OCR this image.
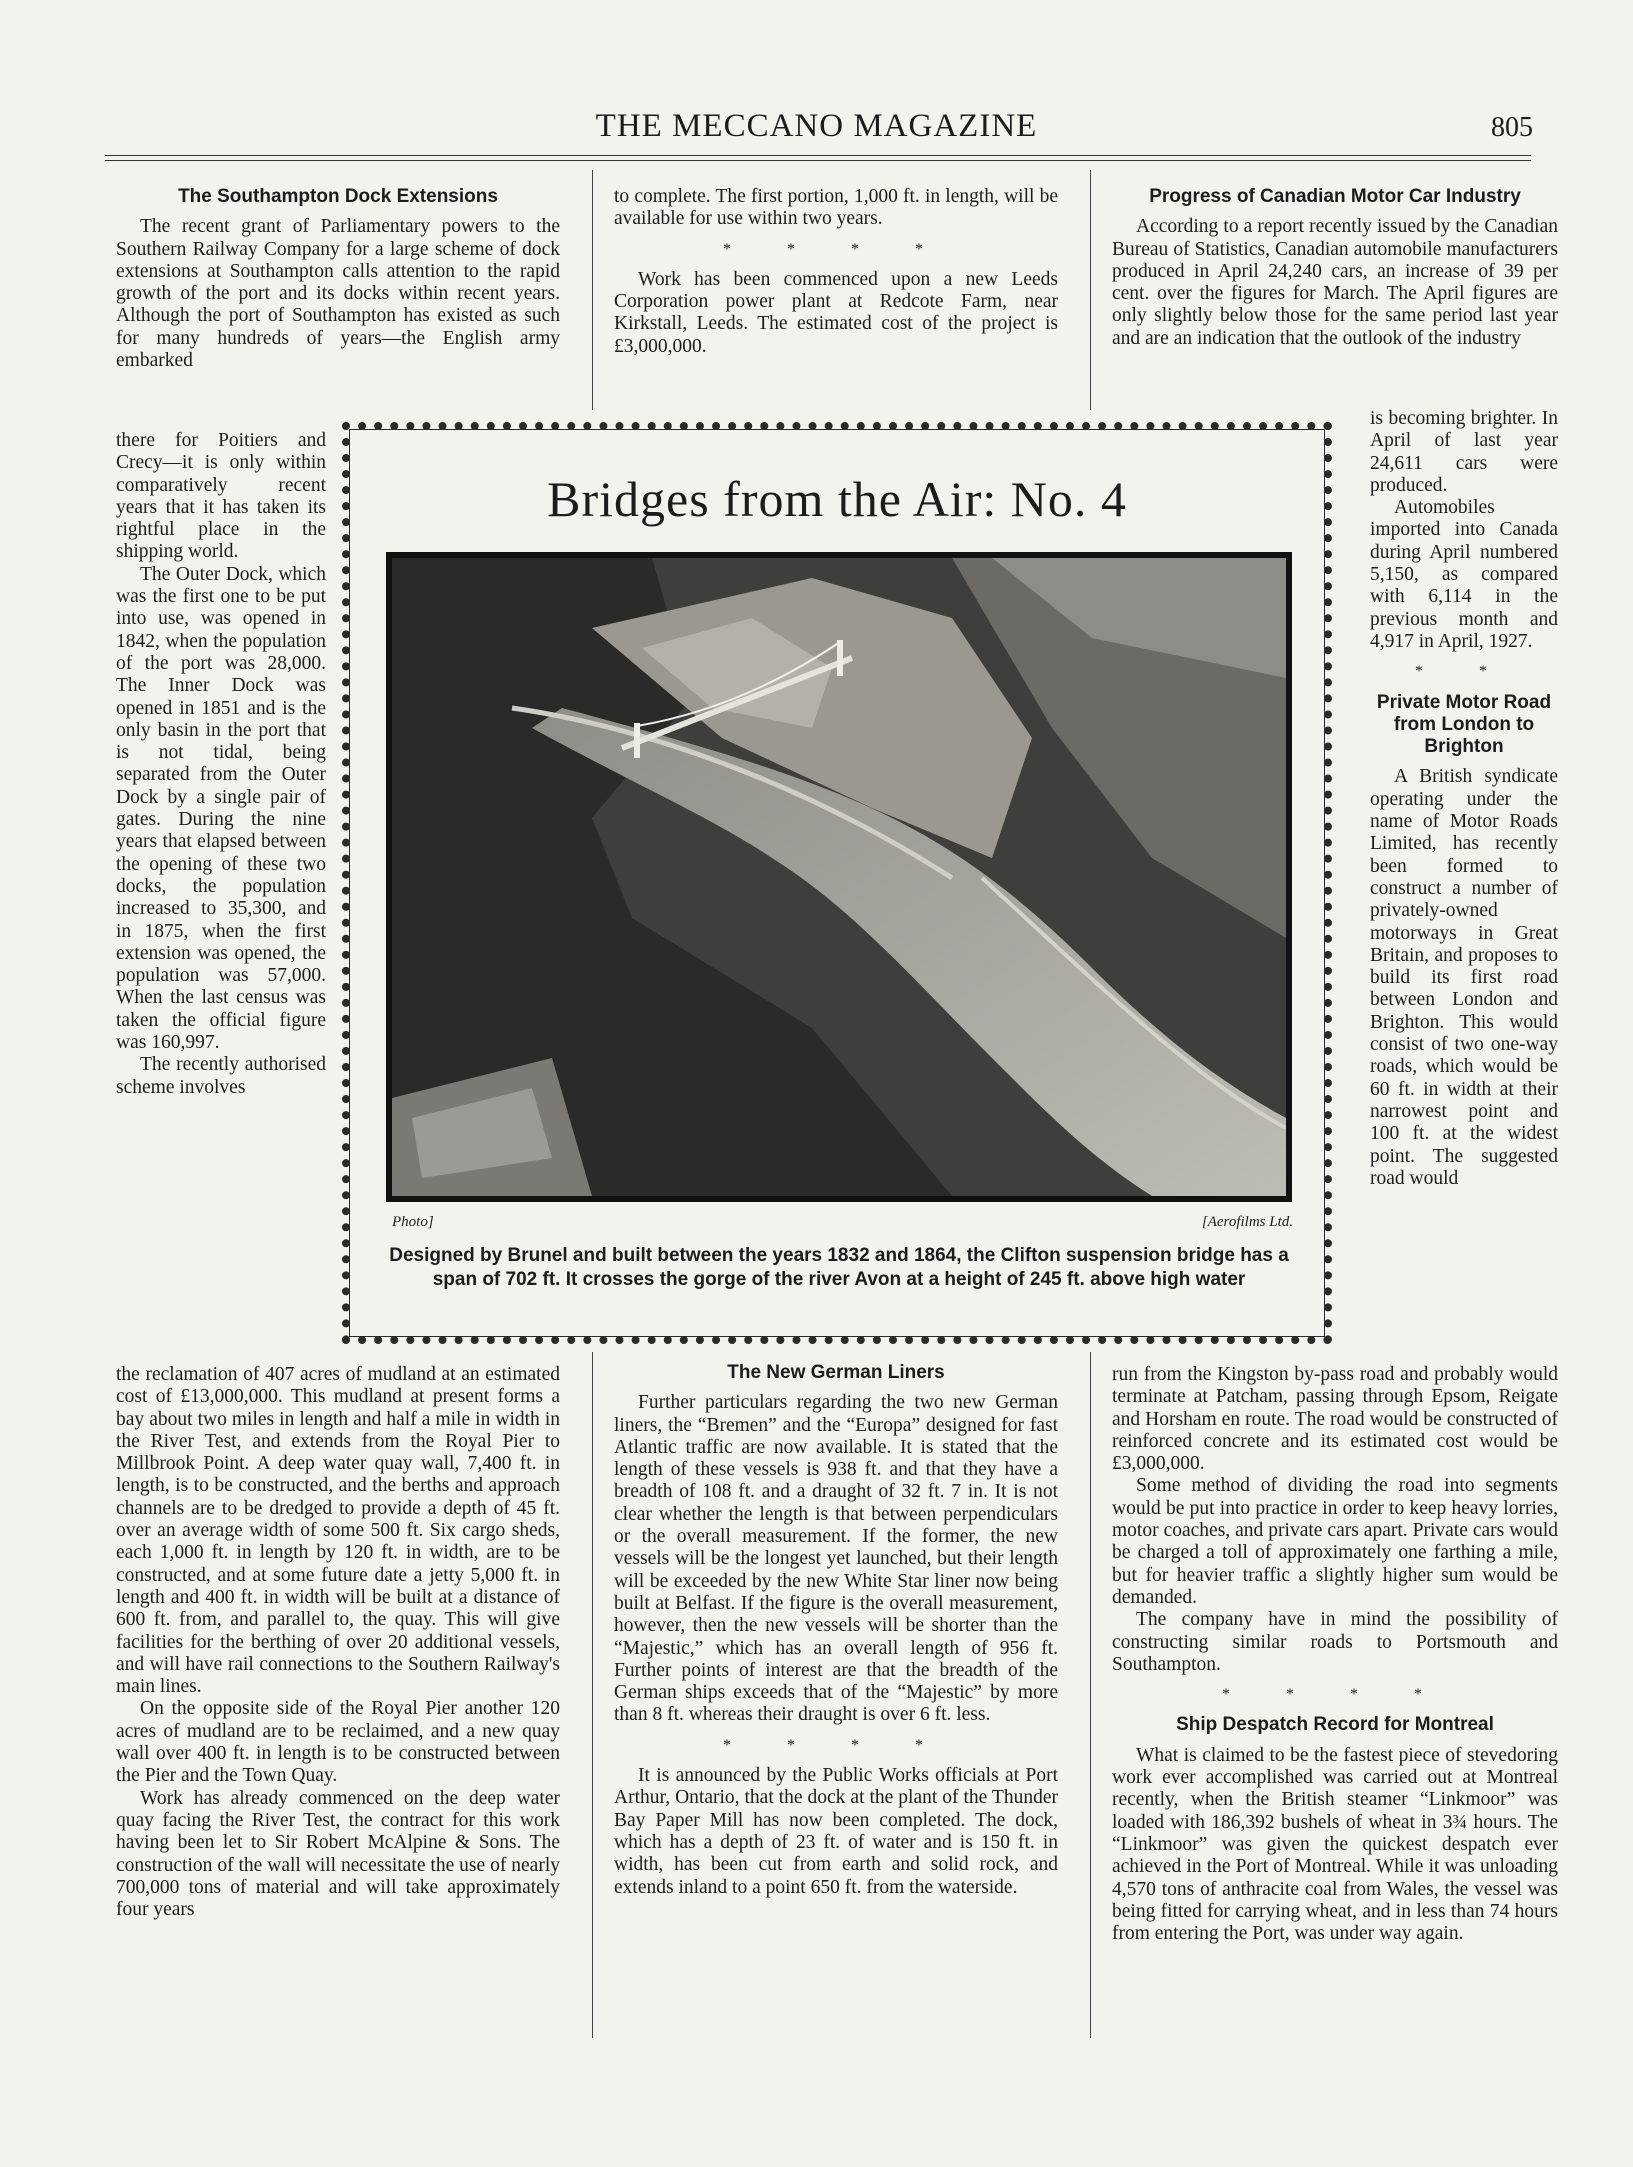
THE MECCANO MAGAZINE	805
The Southampton Dock Extensions

The recent grant of Parliamentary powers to the Southern Railway Company for a large scheme of dock extensions at Southampton calls attention to the rapid growth of the port and its docks within recent years. Although the port of Southampton has existed as such for many hundreds of years—the English army embarked

there for Poitiers and Crecy—it is only within comparatively recent years that it has taken its rightful place in the shipping world.

The Outer Dock, which was the first one to be put into use, was opened in 1842, when the population of the port was 28,000. The Inner Dock was opened in 1851 and is the only basin in the port that is not tidal, being separated from the Outer Dock by a single pair of gates. During the nine years that elapsed between the opening of these two docks, the population increased to 35,300, and in 1875, when the first extension was opened, the population was 57,000. When the last census was taken the official figure was 160,997.

The recently authorised scheme involves

the reclamation of 407 acres of mudland at an estimated cost of £13,000,000. This mudland at present forms a bay about two miles in length and half a mile in width in the River Test, and extends from the Royal Pier to Millbrook Point. A deep water quay wall, 7,400 ft. in length, is to be constructed, and the berths and approach channels are to be dredged to provide a depth of 45 ft. over an average width of some 500 ft. Six cargo sheds, each 1,000 ft. in length by 120 ft. in width, are to be constructed, and at some future date a jetty 5,000 ft. in length and 400 ft. in width will be built at a distance of 600 ft. from, and parallel to, the quay. This will give facilities for the berthing of over 20 additional vessels, and will have rail connections to the Southern Railway's main lines.

On the opposite side of the Royal Pier another 120 acres of mudland are to be reclaimed, and a new quay wall over 400 ft. in length is to be constructed between the Pier and the Town Quay.

Work has already commenced on the deep water quay facing the River Test, the contract for this work having been let to Sir Robert McAlpine & Sons. The construction of the wall will necessitate the use of nearly 700,000 tons of material and will take approximately four years

to complete. The first portion, 1,000 ft. in length, will be available for use within two years.

* * * *

Work has been commenced upon a new Leeds Corporation power plant at Redcote Farm, near Kirkstall, Leeds. The estimated cost of the project is £3,000,000.

Bridges from the Air: No. 4
Photo]	[Aerofilms Ltd.
Designed by Brunel and built between the years 1832 and 1864, the Clifton suspension bridge has a span of 702 ft. It crosses the gorge of the river Avon at a height of 245 ft. above high water
The New German Liners

Further particulars regarding the two new German liners, the “Bremen” and the “Europa” designed for fast Atlantic traffic are now available. It is stated that the length of these vessels is 938 ft. and that they have a breadth of 108 ft. and a draught of 32 ft. 7 in. It is not clear whether the length is that between perpendiculars or the overall measurement. If the former, the new vessels will be the longest yet launched, but their length will be exceeded by the new White Star liner now being built at Belfast. If the figure is the overall measurement, however, then the new vessels will be shorter than the “Majestic,” which has an overall length of 956 ft. Further points of interest are that the breadth of the German ships exceeds that of the “Majestic” by more than 8 ft. whereas their draught is over 6 ft. less.

* * * *

It is announced by the Public Works officials at Port Arthur, Ontario, that the dock at the plant of the Thunder Bay Paper Mill has now been completed. The dock, which has a depth of 23 ft. of water and is 150 ft. in width, has been cut from earth and solid rock, and extends inland to a point 650 ft. from the waterside.

Progress of Canadian Motor Car Industry

According to a report recently issued by the Canadian Bureau of Statistics, Canadian automobile manufacturers produced in April 24,240 cars, an increase of 39 per cent. over the figures for March. The April figures are only slightly below those for the same period last year and are an indication that the outlook of the industry

is becoming brighter. In April of last year 24,611 cars were produced.

Automobiles imported into Canada during April numbered 5,150, as compared with 6,114 in the previous month and 4,917 in April, 1927.

* *
Private Motor Road from London to Brighton

A British syndicate operating under the name of Motor Roads Limited, has recently been formed to construct a number of privately-owned motorways in Great Britain, and proposes to build its first road between London and Brighton. This would consist of two one-way roads, which would be 60 ft. in width at their narrowest point and 100 ft. at the widest point. The suggested road would

run from the Kingston by-pass road and probably would terminate at Patcham, passing through Epsom, Reigate and Horsham en route. The road would be constructed of reinforced concrete and its estimated cost would be £3,000,000.

Some method of dividing the road into segments would be put into practice in order to keep heavy lorries, motor coaches, and private cars apart. Private cars would be charged a toll of approximately one farthing a mile, but for heavier traffic a slightly higher sum would be demanded.

The company have in mind the possibility of constructing similar roads to Portsmouth and Southampton.

* * * *
Ship Despatch Record for Montreal

What is claimed to be the fastest piece of stevedoring work ever accomplished was carried out at Montreal recently, when the British steamer “Linkmoor” was loaded with 186,392 bushels of wheat in 3¾ hours. The “Linkmoor” was given the quickest despatch ever achieved in the Port of Montreal. While it was unloading 4,570 tons of anthracite coal from Wales, the vessel was being fitted for carrying wheat, and in less than 74 hours from entering the Port, was under way again.
